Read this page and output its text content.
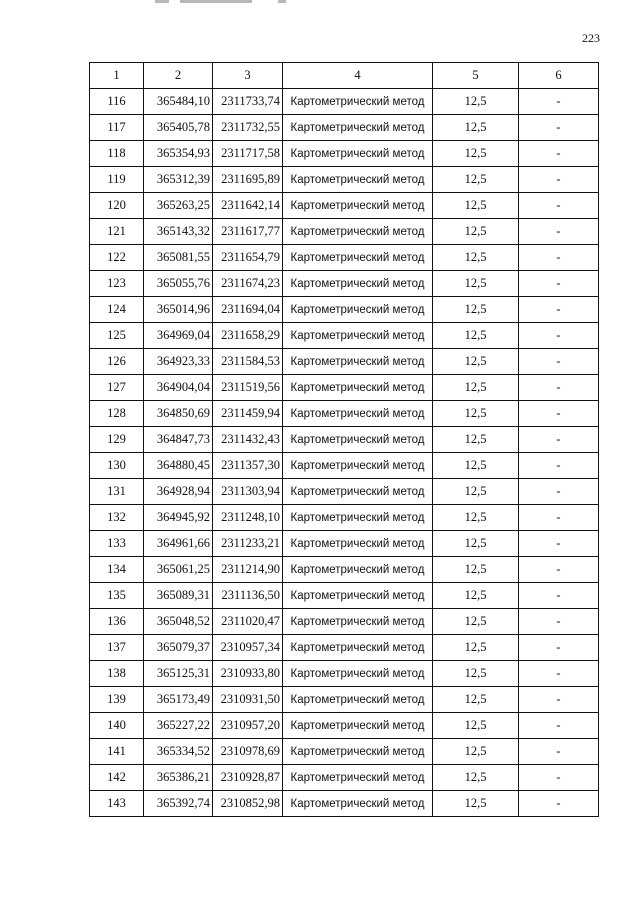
223
1	2	3	4	5	6
116	365484,10	2311733,74	Картометрический метод	12,5	-
117	365405,78	2311732,55	Картометрический метод	12,5	-
118	365354,93	2311717,58	Картометрический метод	12,5	-
119	365312,39	2311695,89	Картометрический метод	12,5	-
120	365263,25	2311642,14	Картометрический метод	12,5	-
121	365143,32	2311617,77	Картометрический метод	12,5	-
122	365081,55	2311654,79	Картометрический метод	12,5	-
123	365055,76	2311674,23	Картометрический метод	12,5	-
124	365014,96	2311694,04	Картометрический метод	12,5	-
125	364969,04	2311658,29	Картометрический метод	12,5	-
126	364923,33	2311584,53	Картометрический метод	12,5	-
127	364904,04	2311519,56	Картометрический метод	12,5	-
128	364850,69	2311459,94	Картометрический метод	12,5	-
129	364847,73	2311432,43	Картометрический метод	12,5	-
130	364880,45	2311357,30	Картометрический метод	12,5	-
131	364928,94	2311303,94	Картометрический метод	12,5	-
132	364945,92	2311248,10	Картометрический метод	12,5	-
133	364961,66	2311233,21	Картометрический метод	12,5	-
134	365061,25	2311214,90	Картометрический метод	12,5	-
135	365089,31	2311136,50	Картометрический метод	12,5	-
136	365048,52	2311020,47	Картометрический метод	12,5	-
137	365079,37	2310957,34	Картометрический метод	12,5	-
138	365125,31	2310933,80	Картометрический метод	12,5	-
139	365173,49	2310931,50	Картометрический метод	12,5	-
140	365227,22	2310957,20	Картометрический метод	12,5	-
141	365334,52	2310978,69	Картометрический метод	12,5	-
142	365386,21	2310928,87	Картометрический метод	12,5	-
143	365392,74	2310852,98	Картометрический метод	12,5	-
